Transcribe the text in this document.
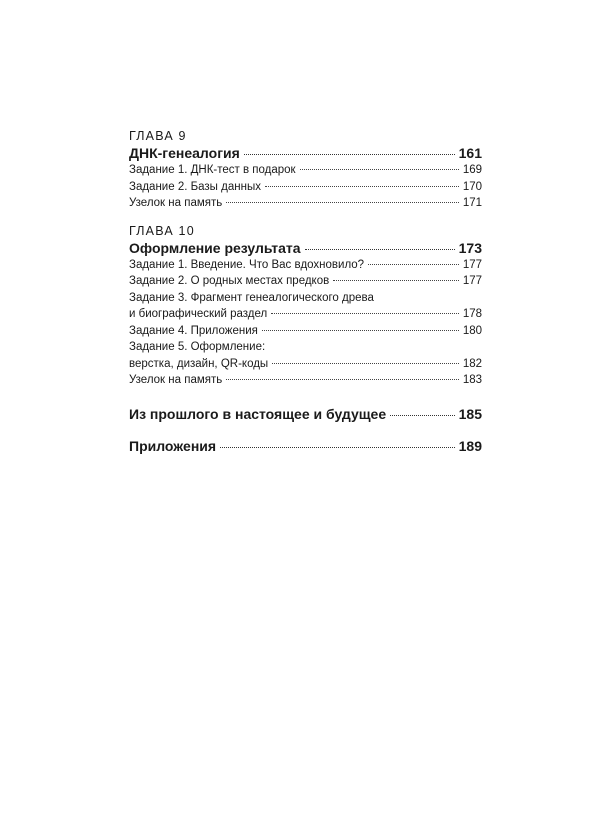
ГЛАВА 9

ДНК-генеалогия	161
Задание 1. ДНК-тест в подарок	169
Задание 2. Базы данных	170
Узелок на память	171

ГЛАВА 10

Оформление результата	173
Задание 1. Введение. Что Вас вдохновило?	177
Задание 2. О родных местах предков	177

Задание 3. Фрагмент генеалогического древа

и биографический раздел	178
Задание 4. Приложения	180

Задание 5. Оформление:

верстка, дизайн, QR-коды	182
Узелок на память	183
Из прошлого в настоящее и будущее	185
Приложения	189
